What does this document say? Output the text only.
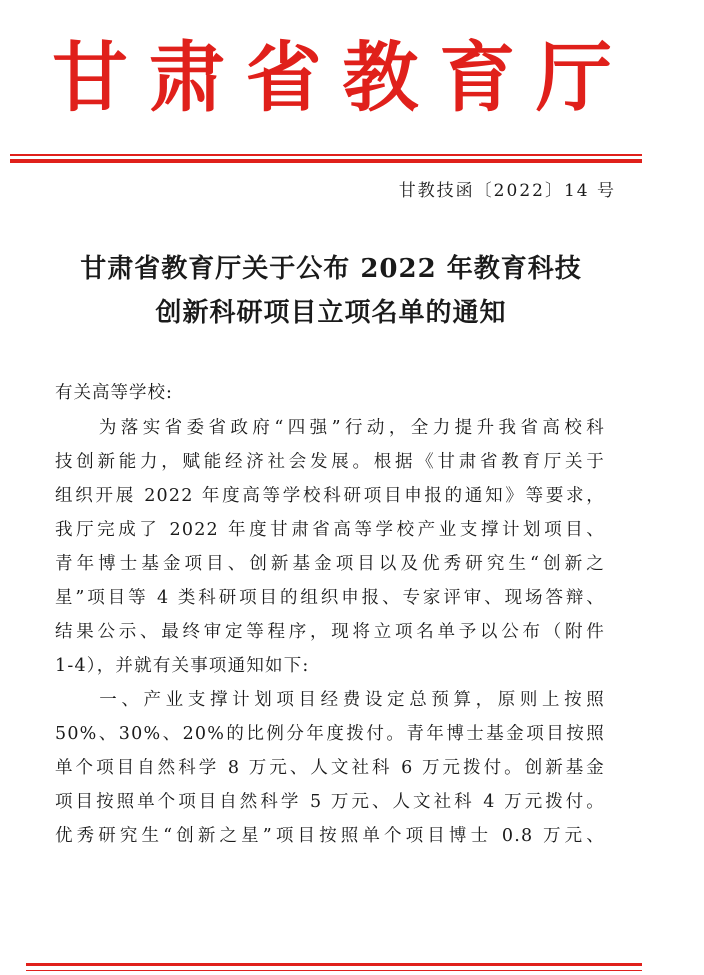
甘 肃 省 教 育 厅
甘教技函〔2022〕14 号
甘肃省教育厅关于公布 2022 年教育科技
创新科研项目立项名单的通知
有关高等学校:
　　为落实省委省政府“四强”行动，全力提升我省高校科
技创新能力，赋能经济社会发展。根据《甘肃省教育厅关于
组织开展 2022 年度高等学校科研项目申报的通知》等要求，
我厅完成了 2022 年度甘肃省高等学校产业支撑计划项目、
青年博士基金项目、创新基金项目以及优秀研究生“创新之
星”项目等 4 类科研项目的组织申报、专家评审、现场答辩、
结果公示、最终审定等程序，现将立项名单予以公布（附件
1-4），并就有关事项通知如下:
　　一、产业支撑计划项目经费设定总预算，原则上按照
50%、30%、20%的比例分年度拨付。青年博士基金项目按照
单个项目自然科学 8 万元、人文社科 6 万元拨付。创新基金
项目按照单个项目自然科学 5 万元、人文社科 4 万元拨付。
优秀研究生“创新之星”项目按照单个项目博士 0.8 万元、
